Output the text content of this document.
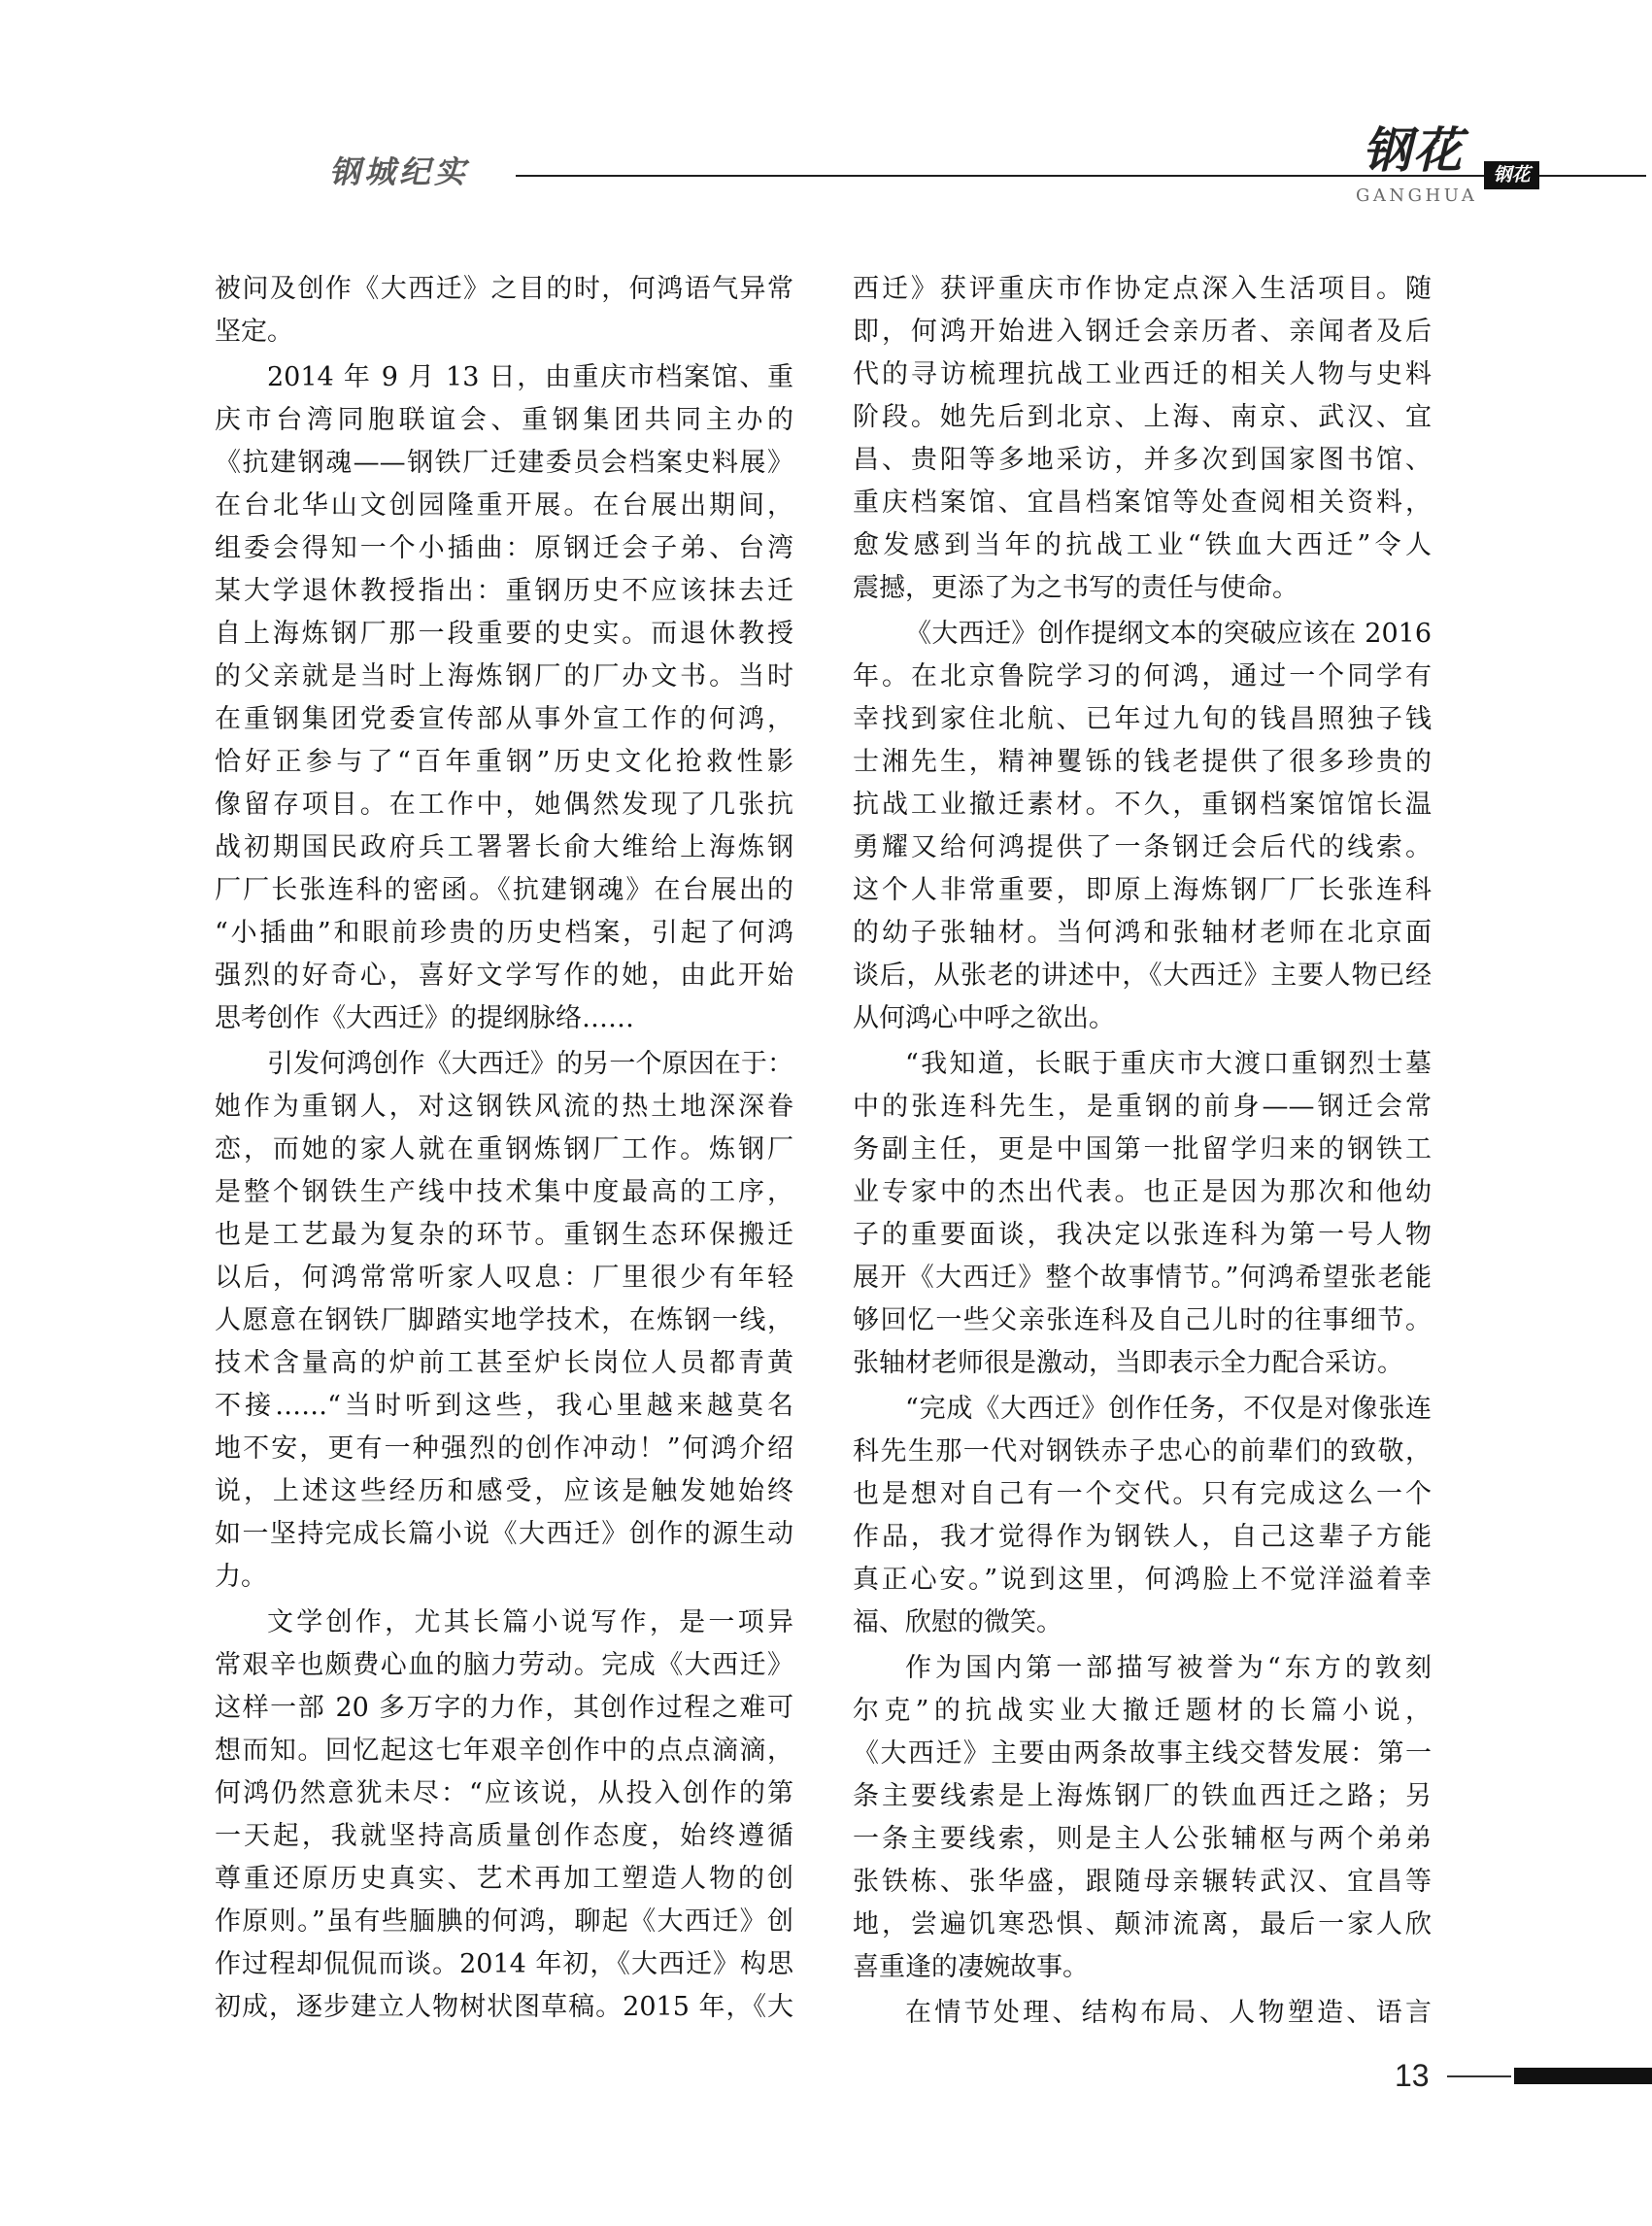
钢城纪实	钢花
GANGHUA
钢花
被问及创作《大西迁》之目的时，何鸿语气异常
坚定。
2014 年 9 月 13 日，由重庆市档案馆、重
庆市台湾同胞联谊会、重钢集团共同主办的
《抗建钢魂——钢铁厂迁建委员会档案史料展》
在台北华山文创园隆重开展。在台展出期间，
组委会得知一个小插曲：原钢迁会子弟、台湾
某大学退休教授指出：重钢历史不应该抹去迁
自上海炼钢厂那一段重要的史实。而退休教授
的父亲就是当时上海炼钢厂的厂办文书。当时
在重钢集团党委宣传部从事外宣工作的何鸿，
恰好正参与了“百年重钢”历史文化抢救性影
像留存项目。在工作中，她偶然发现了几张抗
战初期国民政府兵工署署长俞大维给上海炼钢
厂厂长张连科的密函。《抗建钢魂》在台展出的
“小插曲”和眼前珍贵的历史档案，引起了何鸿
强烈的好奇心，喜好文学写作的她，由此开始
思考创作《大西迁》的提纲脉络……
引发何鸿创作《大西迁》的另一个原因在于：
她作为重钢人，对这钢铁风流的热土地深深眷
恋，而她的家人就在重钢炼钢厂工作。炼钢厂
是整个钢铁生产线中技术集中度最高的工序，
也是工艺最为复杂的环节。重钢生态环保搬迁
以后，何鸿常常听家人叹息：厂里很少有年轻
人愿意在钢铁厂脚踏实地学技术，在炼钢一线，
技术含量高的炉前工甚至炉长岗位人员都青黄
不接……“当时听到这些，我心里越来越莫名
地不安，更有一种强烈的创作冲动！”何鸿介绍
说，上述这些经历和感受，应该是触发她始终
如一坚持完成长篇小说《大西迁》创作的源生动
力。
文学创作，尤其长篇小说写作，是一项异
常艰辛也颇费心血的脑力劳动。完成《大西迁》
这样一部 20 多万字的力作，其创作过程之难可
想而知。回忆起这七年艰辛创作中的点点滴滴，
何鸿仍然意犹未尽：“应该说，从投入创作的第
一天起，我就坚持高质量创作态度，始终遵循
尊重还原历史真实、艺术再加工塑造人物的创
作原则。”虽有些腼腆的何鸿，聊起《大西迁》创
作过程却侃侃而谈。2014 年初，《大西迁》构思
初成，逐步建立人物树状图草稿。2015 年，《大
西迁》获评重庆市作协定点深入生活项目。随
即，何鸿开始进入钢迁会亲历者、亲闻者及后
代的寻访梳理抗战工业西迁的相关人物与史料
阶段。她先后到北京、上海、南京、武汉、宜
昌、贵阳等多地采访，并多次到国家图书馆、
重庆档案馆、宜昌档案馆等处查阅相关资料，
愈发感到当年的抗战工业“铁血大西迁”令人
震撼，更添了为之书写的责任与使命。
《大西迁》创作提纲文本的突破应该在 2016
年。在北京鲁院学习的何鸿，通过一个同学有
幸找到家住北航、已年过九旬的钱昌照独子钱
士湘先生，精神矍铄的钱老提供了很多珍贵的
抗战工业撤迁素材。不久，重钢档案馆馆长温
勇耀又给何鸿提供了一条钢迁会后代的线索。
这个人非常重要，即原上海炼钢厂厂长张连科
的幼子张轴材。当何鸿和张轴材老师在北京面
谈后，从张老的讲述中，《大西迁》主要人物已经
从何鸿心中呼之欲出。
“我知道，长眠于重庆市大渡口重钢烈士墓
中的张连科先生，是重钢的前身——钢迁会常
务副主任，更是中国第一批留学归来的钢铁工
业专家中的杰出代表。也正是因为那次和他幼
子的重要面谈，我决定以张连科为第一号人物
展开《大西迁》整个故事情节。”何鸿希望张老能
够回忆一些父亲张连科及自己儿时的往事细节。
张轴材老师很是激动，当即表示全力配合采访。
“完成《大西迁》创作任务，不仅是对像张连
科先生那一代对钢铁赤子忠心的前辈们的致敬，
也是想对自己有一个交代。只有完成这么一个
作品，我才觉得作为钢铁人，自己这辈子方能
真正心安。”说到这里，何鸿脸上不觉洋溢着幸
福、欣慰的微笑。
作为国内第一部描写被誉为“东方的敦刻
尔克”的抗战实业大撤迁题材的长篇小说，
《大西迁》主要由两条故事主线交替发展：第一
条主要线索是上海炼钢厂的铁血西迁之路；另
一条主要线索，则是主人公张辅枢与两个弟弟
张铁栋、张华盛，跟随母亲辗转武汉、宜昌等
地，尝遍饥寒恐惧、颠沛流离，最后一家人欣
喜重逢的凄婉故事。
在情节处理、结构布局、人物塑造、语言
13
